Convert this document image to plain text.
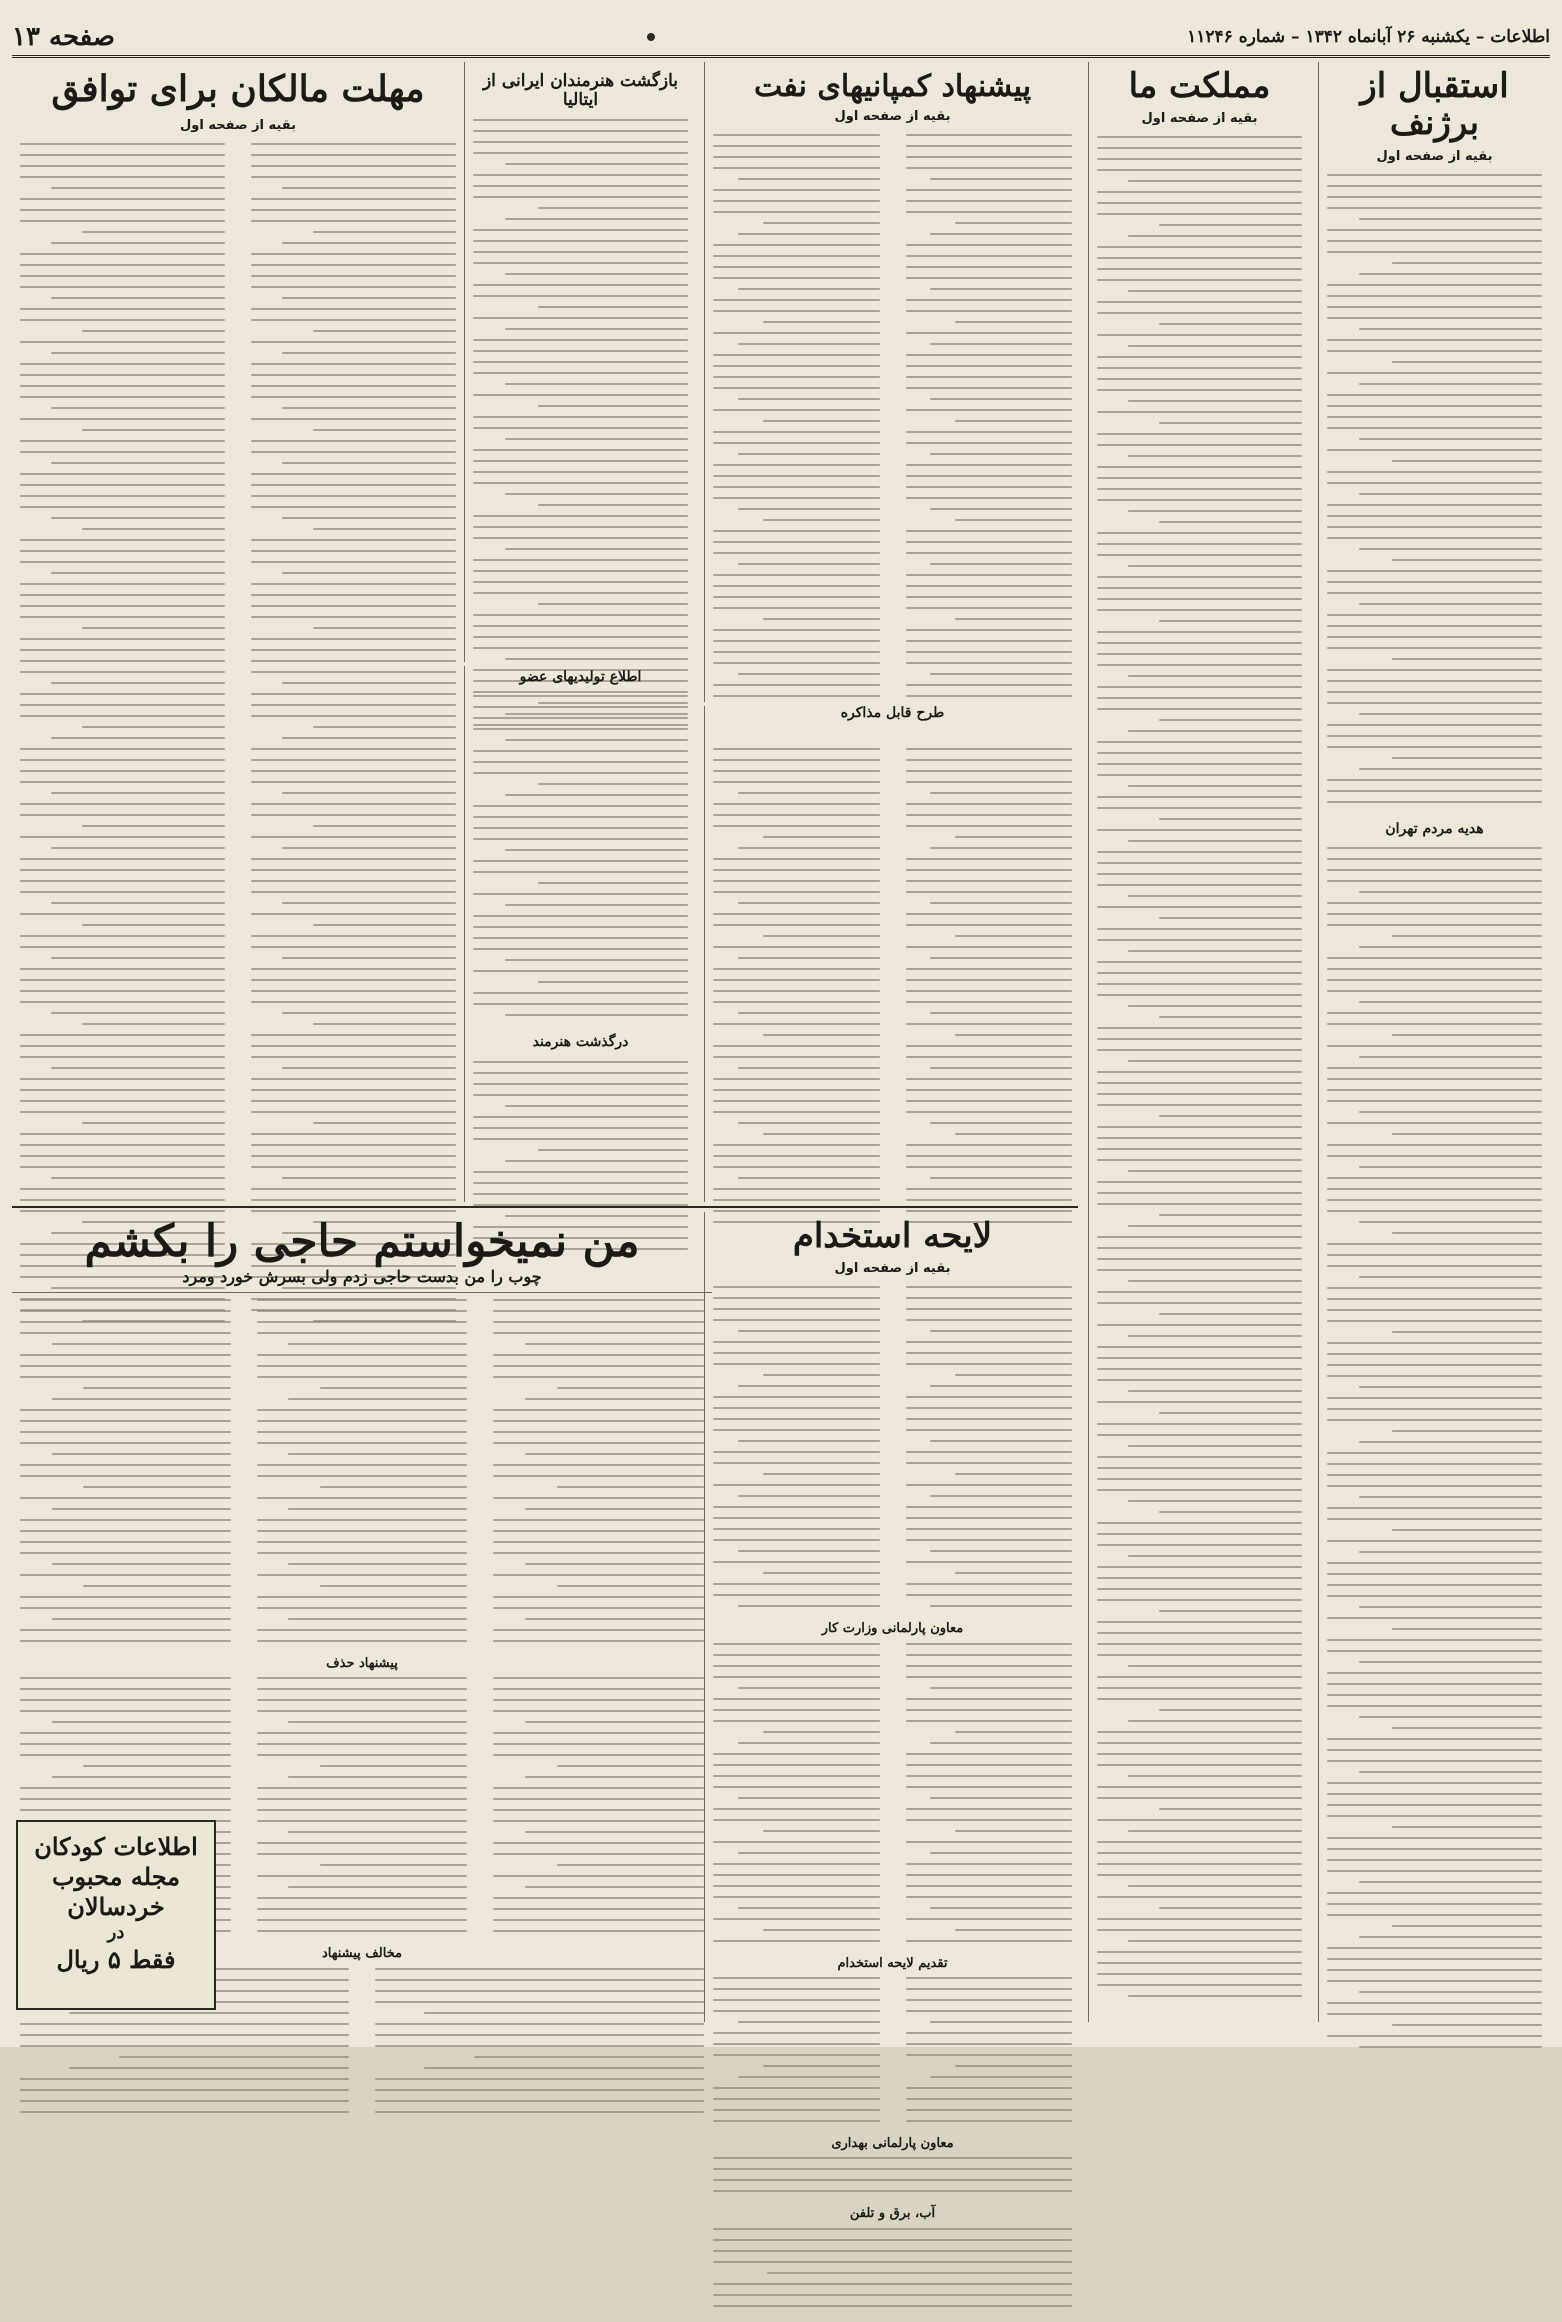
اطلاعات – یکشنبه ۲۶ آبانماه ۱۳۴۲ – شماره ۱۱۲۴۶
صفحه ۱۳
استقبال از برژنف
بقیه از صفحه اول
هدیه مردم تهران
مملکت ما
بقیه از صفحه اول
پیشنهاد کمپانیهای نفت
بقیه از صفحه اول
طرح قابل مذاکره
بازگشت هنرمندان ایرانی از ایتالیا
اطلاع تولیدیهای عضو
درگذشت هنرمند
مهلت مالکان برای توافق
بقیه از صفحه اول
لایحه استخدام
بقیه از صفحه اول
معاون پارلمانی وزارت کار
تقدیم لایحه استخدام
معاون پارلمانی بهداری
آب، برق و تلفن
من نمیخواستم حاجی را بکشم
چوب را من بدست حاجی زدم ولی بسرش خورد ومرد
پیشنهاد حذف
مخالف پیشنهاد
اطلاعات کودکان
مجله محبوب
خردسالان
در
فقط ۵ ریال
